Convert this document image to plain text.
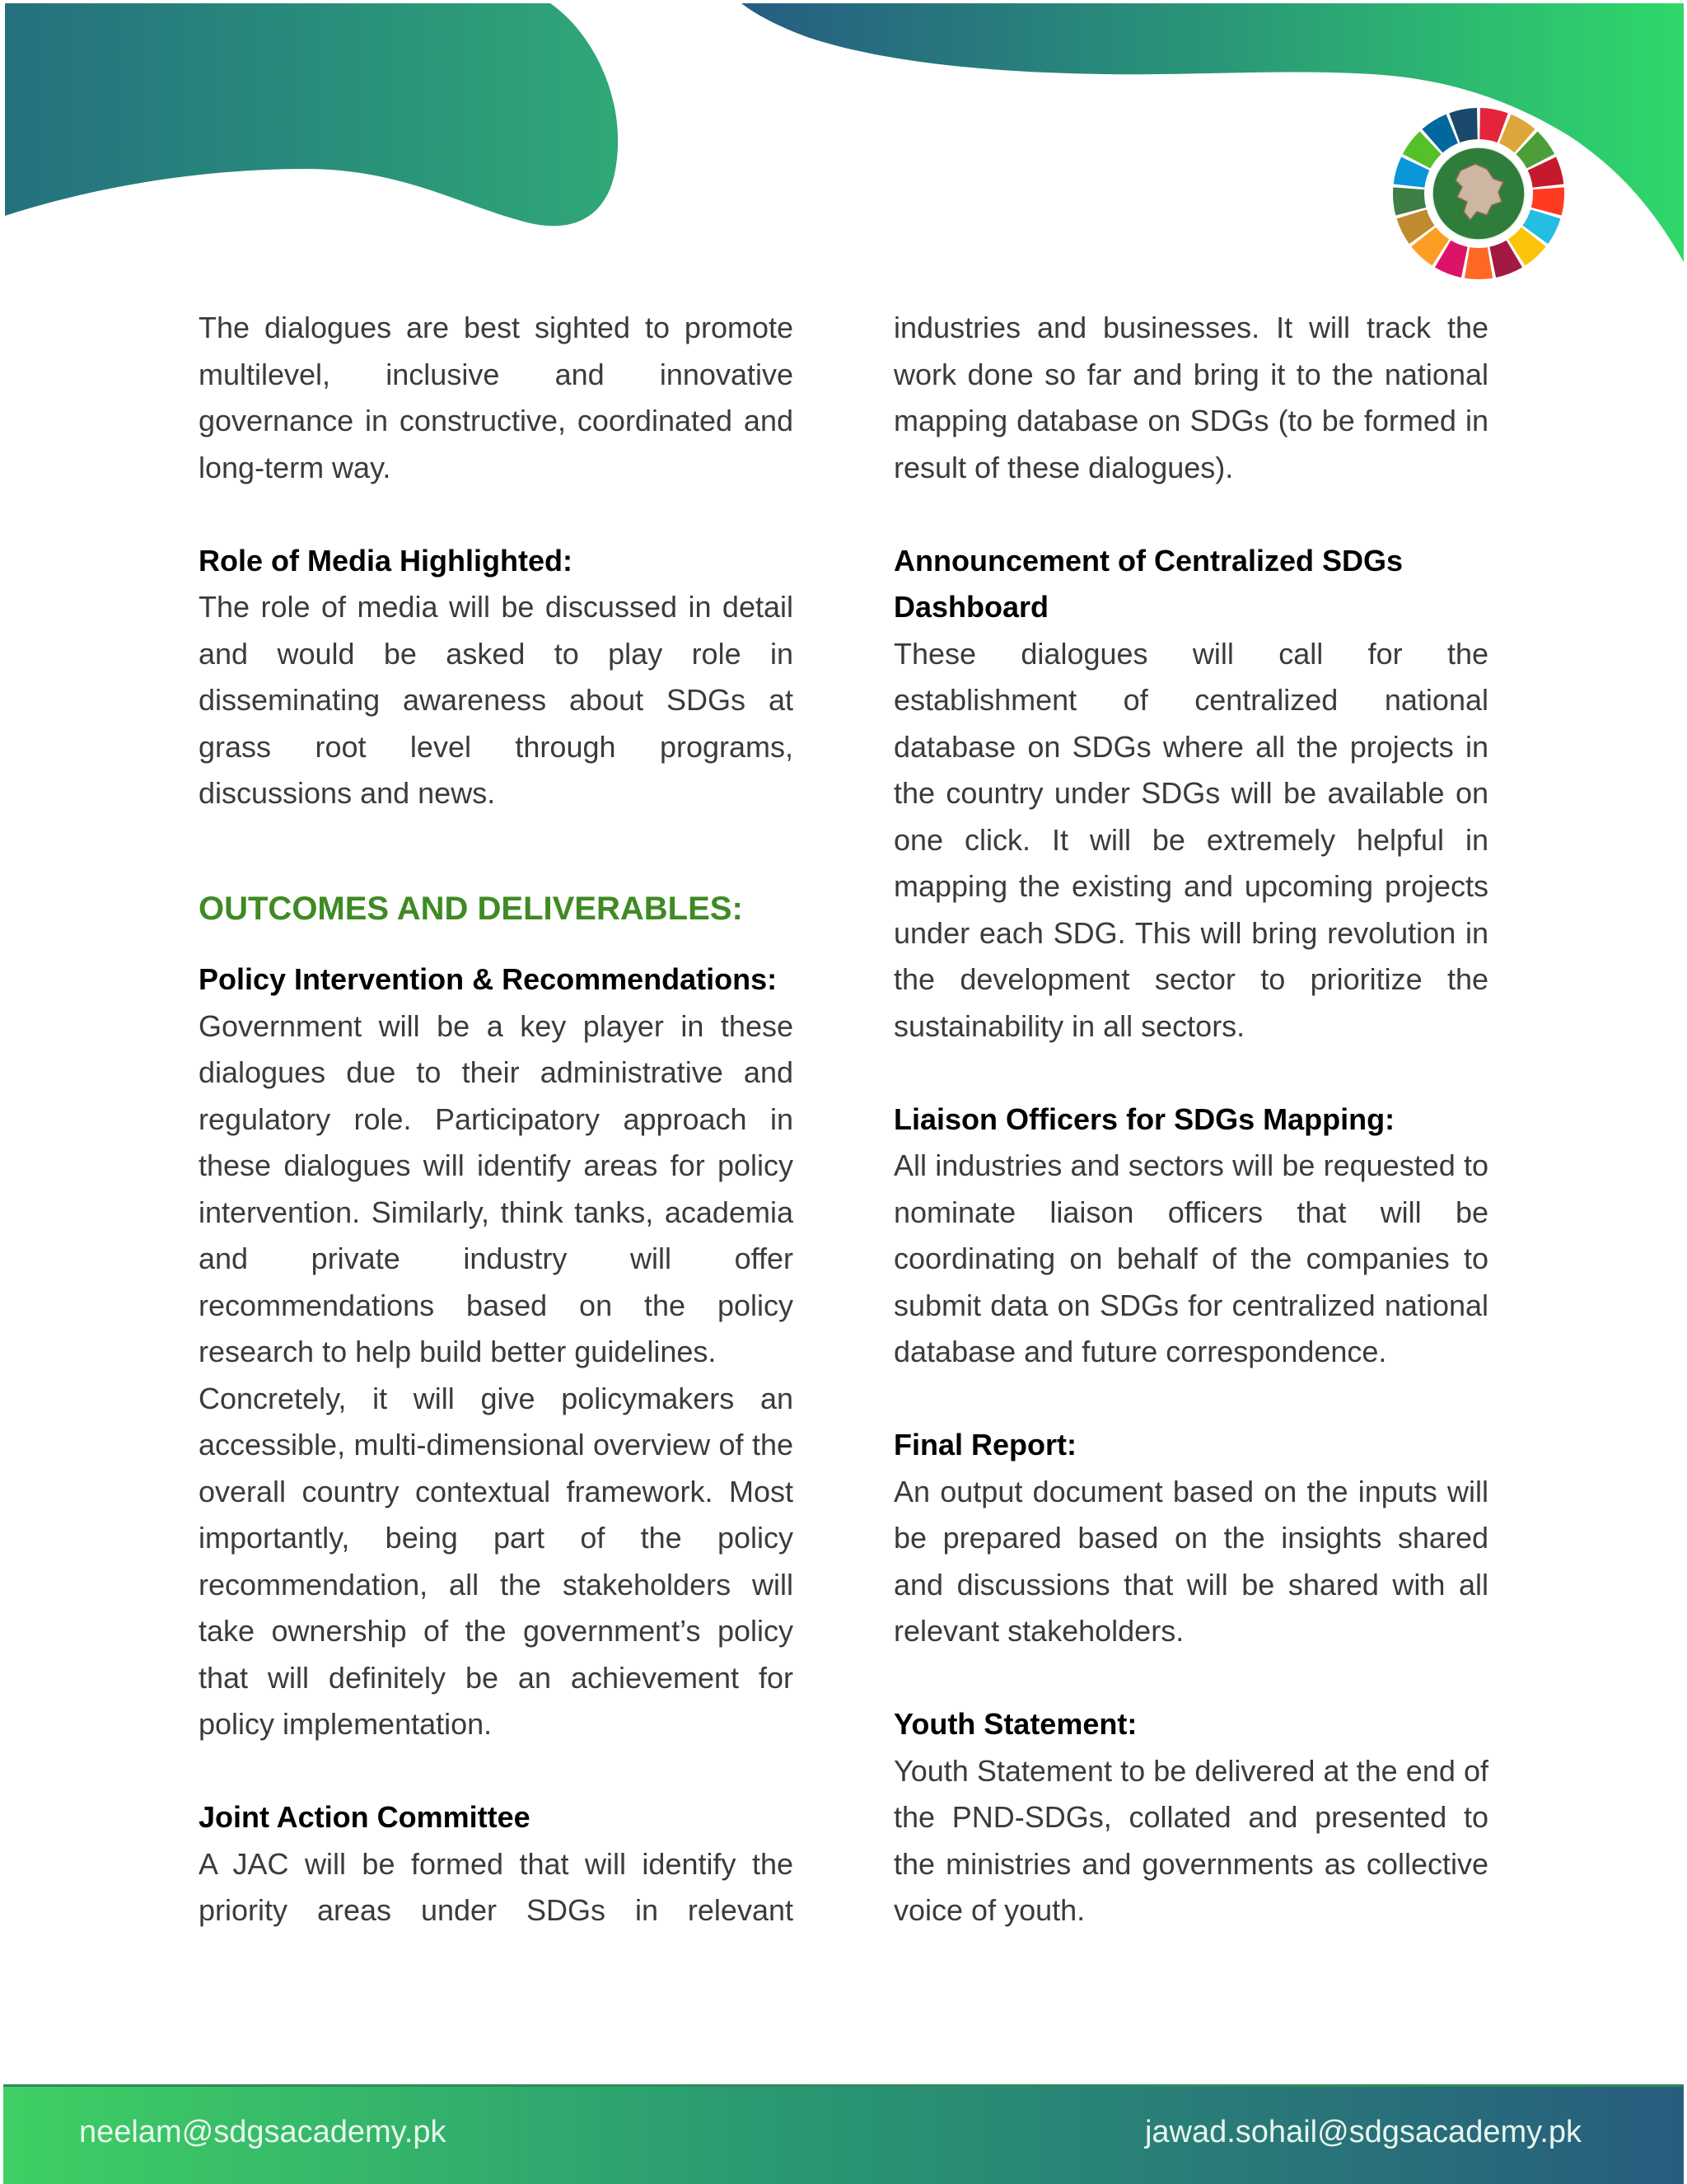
The dialogues are best sighted to promote multilevel, inclusive and innovative governance in constructive, coordinated and long-term way.

Role of Media Highlighted:

The role of media will be discussed in detail and would be asked to play role in disseminating awareness about SDGs at grass root level through programs, discussions and news.

OUTCOMES AND DELIVERABLES:

Policy Intervention & Recommendations:

Government will be a key player in these dialogues due to their administrative and regulatory role. Participatory approach in these dialogues will identify areas for policy intervention. Similarly, think tanks, academia and private industry will offer recommendations based on the policy research to help build better guidelines.

Concretely, it will give policymakers an accessible, multi-dimensional overview of the overall country contextual framework. Most importantly, being part of the policy recommendation, all the stakeholders will take ownership of the government’s policy that will definitely be an achievement for policy implementation.

Joint Action Committee

A JAC will be formed that will identify the priority areas under SDGs in relevant

industries and businesses. It will track the work done so far and bring it to the national mapping database on SDGs (to be formed in result of these dialogues).

Announcement of Centralized SDGs Dashboard

These dialogues will call for the establishment of centralized national database on SDGs where all the projects in the country under SDGs will be available on one click. It will be extremely helpful in mapping the existing and upcoming projects under each SDG. This will bring revolution in the development sector to prioritize the sustainability in all sectors.

Liaison Officers for SDGs Mapping:

All industries and sectors will be requested to nominate liaison officers that will be coordinating on behalf of the companies to submit data on SDGs for centralized national database and future correspondence.

Final Report:

An output document based on the inputs will be prepared based on the insights shared and discussions that will be shared with all relevant stakeholders.

Youth Statement:

Youth Statement to be delivered at the end of the PND-SDGs, collated and presented to the ministries and governments as collective voice of youth.

neelam@sdgsacademy.pk	jawad.sohail@sdgsacademy.pk
